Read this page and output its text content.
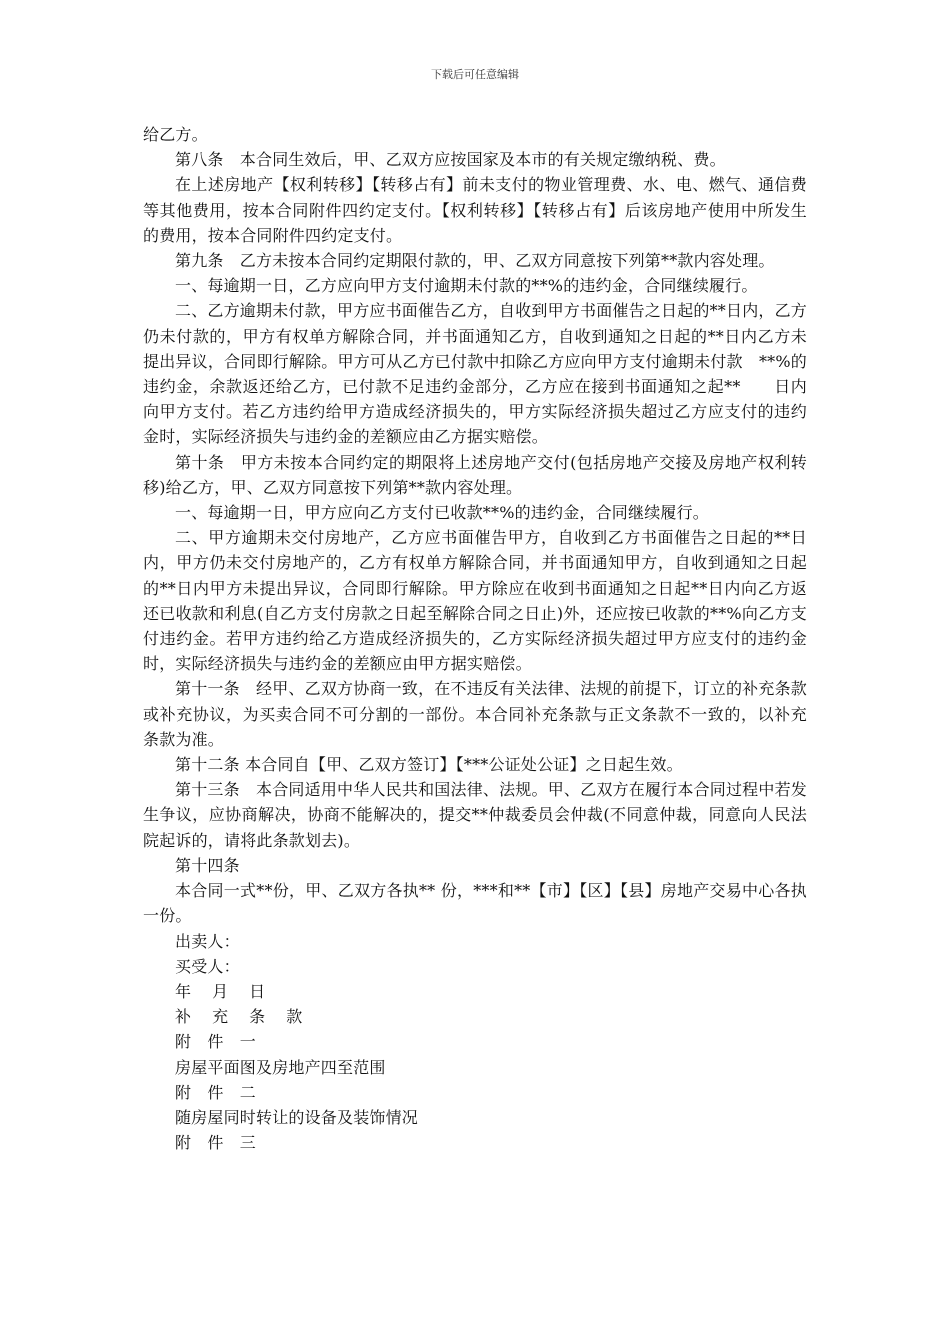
下载后可任意编辑

给乙方。

第八条　本合同生效后，甲、乙双方应按国家及本市的有关规定缴纳税、费。

在上述房地产【权利转移】【转移占有】前未支付的物业管理费、水、电、燃气、通信费等其他费用，按本合同附件四约定支付。【权利转移】【转移占有】后该房地产使用中所发生的费用，按本合同附件四约定支付。

第九条　乙方未按本合同约定期限付款的，甲、乙双方同意按下列第**款内容处理。

一、每逾期一日，乙方应向甲方支付逾期未付款的**%的违约金，合同继续履行。

二、乙方逾期未付款，甲方应书面催告乙方，自收到甲方书面催告之日起的**日内，乙方仍未付款的，甲方有权单方解除合同，并书面通知乙方，自收到通知之日起的**日内乙方未提出异议，合同即行解除。甲方可从乙方已付款中扣除乙方应向甲方支付逾期未付款　**%的违约金，余款返还给乙方，已付款不足违约金部分，乙方应在接到书面通知之起**　　日内向甲方支付。若乙方违约给甲方造成经济损失的，甲方实际经济损失超过乙方应支付的违约金时，实际经济损失与违约金的差额应由乙方据实赔偿。

第十条　甲方未按本合同约定的期限将上述房地产交付(包括房地产交接及房地产权利转移)给乙方，甲、乙双方同意按下列第**款内容处理。

一、每逾期一日，甲方应向乙方支付已收款**%的违约金，合同继续履行。

二、甲方逾期未交付房地产，乙方应书面催告甲方，自收到乙方书面催告之日起的**日内，甲方仍未交付房地产的，乙方有权单方解除合同，并书面通知甲方，自收到通知之日起的**日内甲方未提出异议，合同即行解除。甲方除应在收到书面通知之日起**日内向乙方返还已收款和利息(自乙方支付房款之日起至解除合同之日止)外，还应按已收款的**%向乙方支付违约金。若甲方违约给乙方造成经济损失的，乙方实际经济损失超过甲方应支付的违约金时，实际经济损失与违约金的差额应由甲方据实赔偿。

第十一条　经甲、乙双方协商一致，在不违反有关法律、法规的前提下，订立的补充条款或补充协议，为买卖合同不可分割的一部份。本合同补充条款与正文条款不一致的，以补充条款为准。

第十二条 本合同自【甲、乙双方签订】【***公证处公证】之日起生效。

第十三条　本合同适用中华人民共和国法律、法规。甲、乙双方在履行本合同过程中若发生争议，应协商解决，协商不能解决的，提交**仲裁委员会仲裁(不同意仲裁，同意向人民法院起诉的，请将此条款划去)。

第十四条

本合同一式**份，甲、乙双方各执** 份，***和**【市】【区】【县】房地产交易中心各执一份。

出卖人：

买受人：

年 月 日

补 充 条 款

附　件　一

房屋平面图及房地产四至范围

附　件　二

随房屋同时转让的设备及装饰情况

附　件　三
